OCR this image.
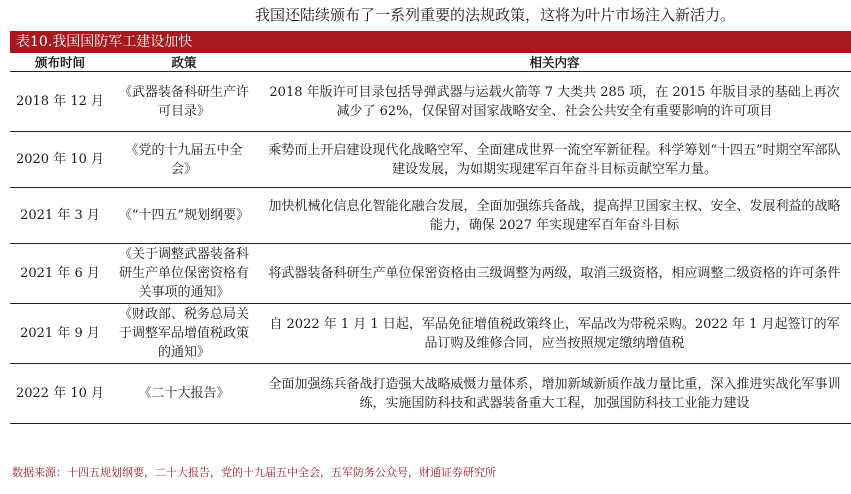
我国还陆续颁布了一系列重要的法规政策，这将为叶片市场注入新活力。
表10.我国国防军工建设加快
颁布时间	政策	相关内容
2018 年 12 月	《武器装备科研生产许可目录》	2018 年版许可目录包括导弹武器与运载火箭等 7 大类共 285 项，在 2015 年版目录的基础上再次减少了 62%，仅保留对国家战略安全、社会公共安全有重要影响的许可项目
2020 年 10 月	《党的十九届五中全会》	乘势而上开启建设现代化战略空军、全面建成世界一流空军新征程。科学筹划“十四五”时期空军部队建设发展，为如期实现建军百年奋斗目标贡献空军力量。
2021 年 3 月	《“十四五”规划纲要》	加快机械化信息化智能化融合发展，全面加强练兵备战，提高捍卫国家主权、安全、发展利益的战略能力，确保 2027 年实现建军百年奋斗目标
2021 年 6 月	《关于调整武器装备科研生产单位保密资格有关事项的通知》	将武器装备科研生产单位保密资格由三级调整为两级，取消三级资格，相应调整二级资格的许可条件
2021 年 9 月	《财政部、税务总局关于调整军品增值税政策的通知》	自 2022 年 1 月 1 日起，军品免征增值税政策终止，军品改为带税采购。2022 年 1 月起签订的军品订购及维修合同，应当按照规定缴纳增值税
2022 年 10 月	《二十大报告》	全面加强练兵备战打造强大战略威慑力量体系，增加新域新质作战力量比重，深入推进实战化军事训练，实施国防科技和武器装备重大工程，加强国防科技工业能力建设
数据来源：十四五规划纲要，二十大报告，党的十九届五中全会，五军防务公众号，财通证券研究所
